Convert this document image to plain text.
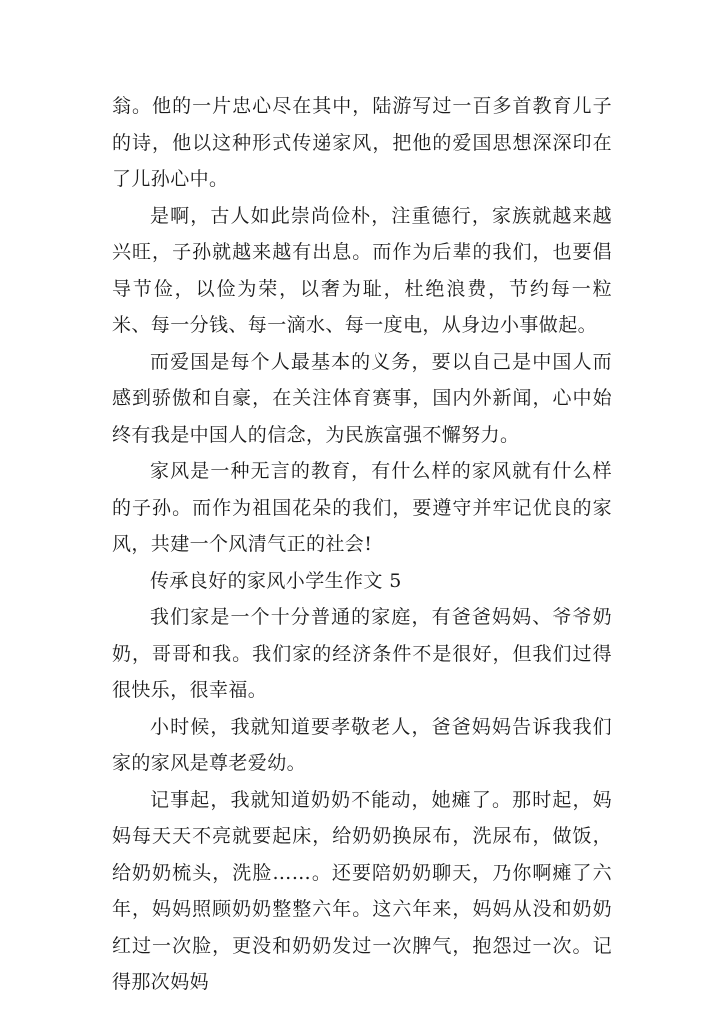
翁。他的一片忠心尽在其中，陆游写过一百多首教育儿子的诗，他以这种形式传递家风，把他的爱国思想深深印在了儿孙心中。

是啊，古人如此崇尚俭朴，注重德行，家族就越来越兴旺，子孙就越来越有出息。而作为后辈的我们，也要倡导节俭，以俭为荣，以奢为耻，杜绝浪费，节约每一粒米、每一分钱、每一滴水、每一度电，从身边小事做起。

而爱国是每个人最基本的义务，要以自己是中国人而感到骄傲和自豪，在关注体育赛事，国内外新闻，心中始终有我是中国人的信念，为民族富强不懈努力。

家风是一种无言的教育，有什么样的家风就有什么样的子孙。而作为祖国花朵的我们，要遵守并牢记优良的家风，共建一个风清气正的社会!

传承良好的家风小学生作文 5

我们家是一个十分普通的家庭，有爸爸妈妈、爷爷奶奶，哥哥和我。我们家的经济条件不是很好，但我们过得很快乐，很幸福。

小时候，我就知道要孝敬老人，爸爸妈妈告诉我我们家的家风是尊老爱幼。

记事起，我就知道奶奶不能动，她瘫了。那时起，妈妈每天天不亮就要起床，给奶奶换尿布，洗尿布，做饭，给奶奶梳头，洗脸……。还要陪奶奶聊天，乃你啊瘫了六年，妈妈照顾奶奶整整六年。这六年来，妈妈从没和奶奶红过一次脸，更没和奶奶发过一次脾气，抱怨过一次。记得那次妈妈
